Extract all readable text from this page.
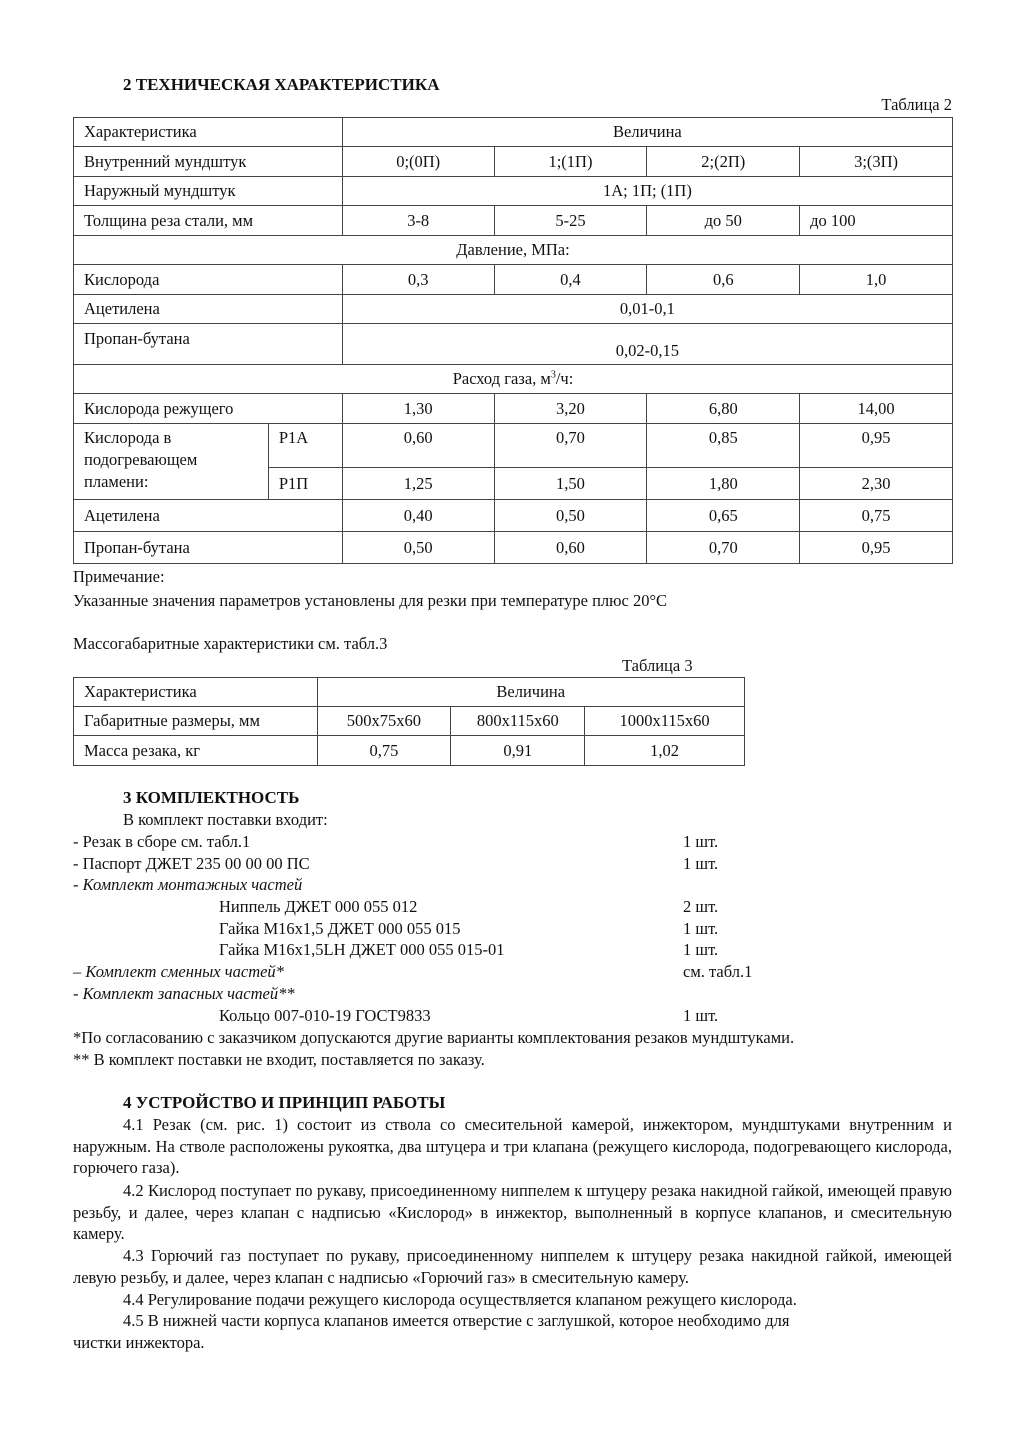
2 ТЕХНИЧЕСКАЯ ХАРАКТЕРИСТИКА
Таблица 2
Характеристика		Величина			
Внутренний мундштук		0;(0П)	1;(1П)	2;(2П)	3;(3П)
Наружный мундштук		1А; 1П; (1П)			
Толщина реза стали, мм		3-8	5-25	до 50	до 100
Давление, МПа:					
Кислорода		0,3	0,4	0,6	1,0
Ацетилена		0,01-0,1			
Пропан-бутана		0,02-0,15			
Расход газа, $м^3/ч$:					
Кислорода режущего		1,30	3,20	6,80	14,00
Кислорода в подогревающем пламени:	Р1А	0,60	0,70	0,85	0,95
	Р1П	1,25	1,50	1,80	2,30
Ацетилена		0,40	0,50	0,65	0,75
Пропан-бутана		0,50	0,60	0,70	0,95
Примечание:
Указанные значения параметров установлены для резки при температуре плюс 20°С
Массогабаритные характеристики см. табл.3
Таблица 3
Характеристика	Величина		
Габаритные размеры, мм	500х75х60	800х115х60	1000х115х60
Масса резака, кг	0,75	0,91	1,02
3 КОМПЛЕКТНОСТЬ
В комплект поставки входит:
- Резак в сборе см. табл.1	1 шт.
- Паспорт ДЖЕТ 235 00 00 00 ПС	1 шт.
- Комплект монтажных частей
Ниппель ДЖЕТ 000 055 012	2 шт.
Гайка М16х1,5 ДЖЕТ 000 055 015	1 шт.
Гайка М16х1,5LH ДЖЕТ 000 055 015-01	1 шт.
– Комплект сменных частей*	см. табл.1
- Комплект запасных частей**
Кольцо 007-010-19 ГОСТ9833	1 шт.
*По согласованию с заказчиком допускаются другие варианты комплектования резаков мундштуками.
** В комплект поставки не входит, поставляется по заказу.
4 УСТРОЙСТВО И ПРИНЦИП РАБОТЫ
4.1 Резак (см. рис. 1) состоит из ствола со смесительной камерой, инжектором, мундштуками внутренним и наружным. На стволе расположены рукоятка, два штуцера и три клапана (режущего кислорода, подогревающего кислорода, горючего газа).
4.2 Кислород поступает по рукаву, присоединенному ниппелем к штуцеру резака накидной гайкой, имеющей правую резьбу, и далее, через клапан с надписью «Кислород» в инжектор, выполненный в корпусе клапанов, и смесительную камеру.
4.3 Горючий газ поступает по рукаву, присоединенному ниппелем к штуцеру резака накидной гайкой, имеющей левую резьбу, и далее, через клапан с надписью «Горючий газ» в смесительную камеру.
4.4 Регулирование подачи режущего кислорода осуществляется клапаном режущего кислорода.
4.5 В нижней части корпуса клапанов имеется отверстие с заглушкой, которое необходимо для
чистки инжектора.
